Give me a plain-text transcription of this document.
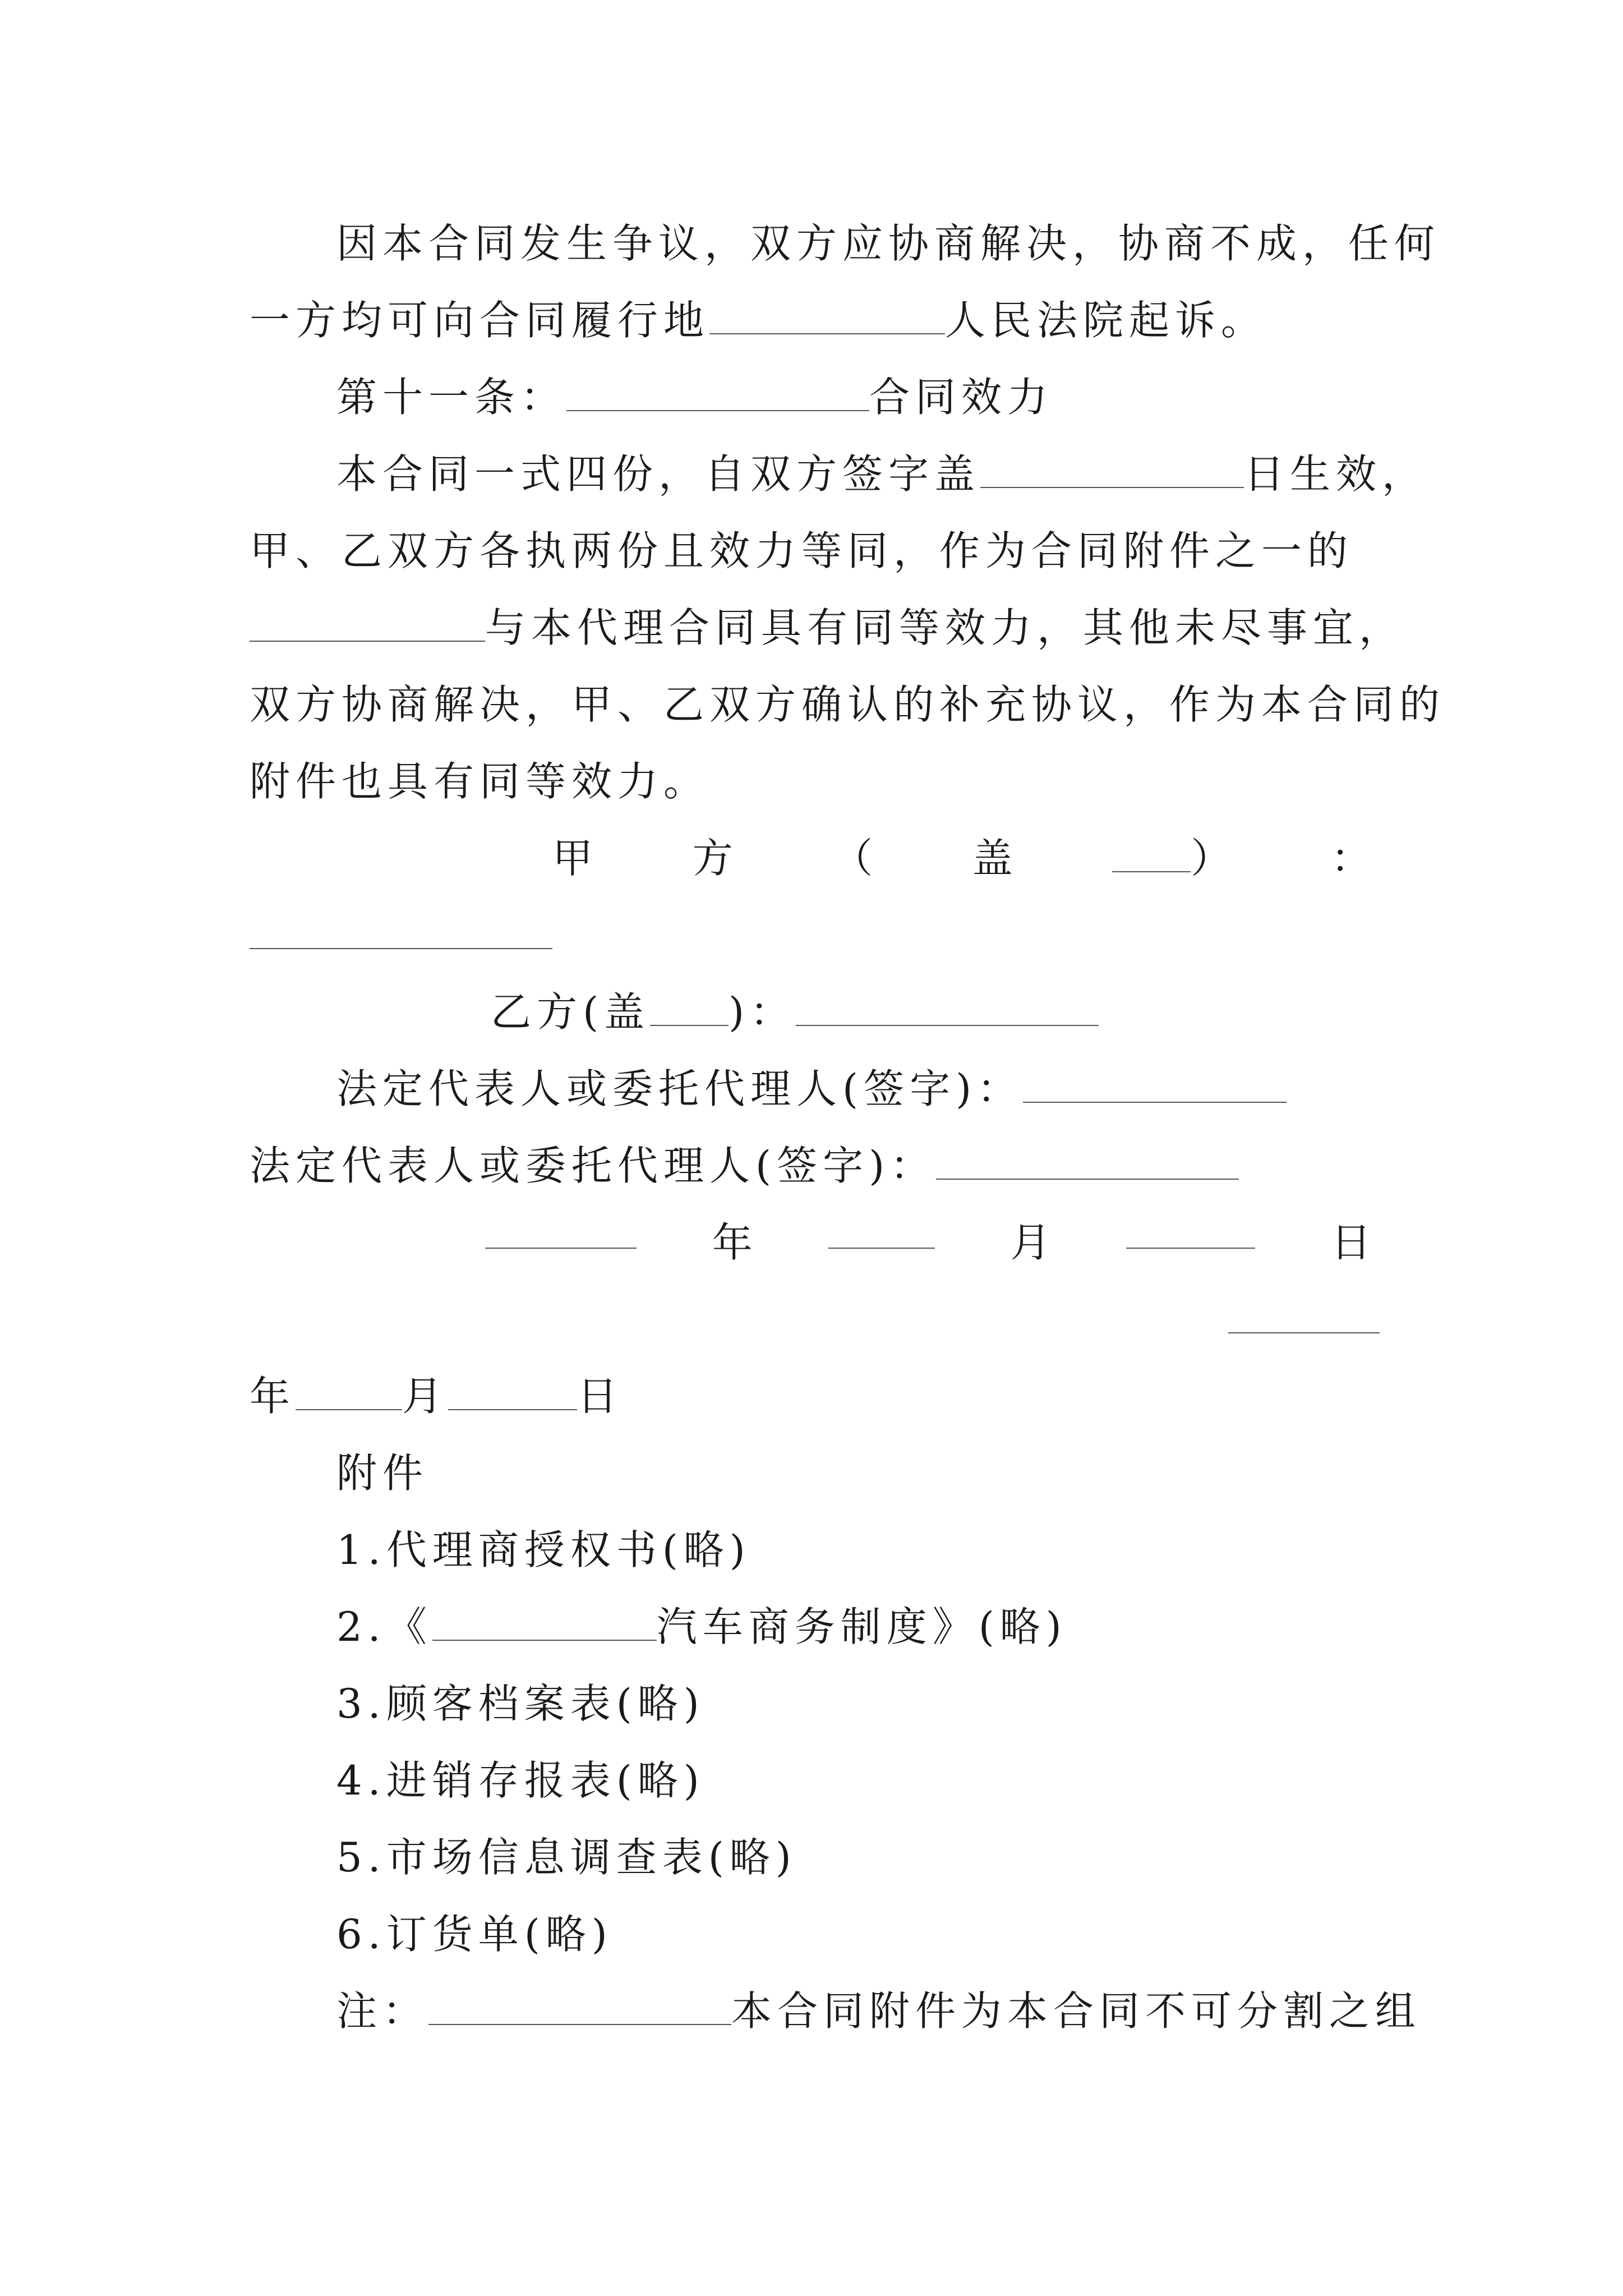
因本合同发生争议，双方应协商解决，协商不成，任何
一方均可向合同履行地	人民法院起诉。
第十一条：	合同效力
本合同一式四份，自双方签字盖	日生效，
甲、乙双方各执两份且效力等同，作为合同附件之一的
与本代理合同具有同等效力，其他未尽事宜，
双方协商解决，甲、乙双方确认的补充协议，作为本合同的
附件也具有同等效力。
甲 方 （ 盖	） ：
乙方(盖 )：
法定代表人或委托代理人(签字)：
法定代表人或委托代理人(签字)：
年	月	日
年	月	日
附件
1.代理商授权书(略)
2.《	汽车商务制度》(略)
3.顾客档案表(略)
4.进销存报表(略)
5.市场信息调查表(略)
6.订货单(略)
注：	本合同附件为本合同不可分割之组
